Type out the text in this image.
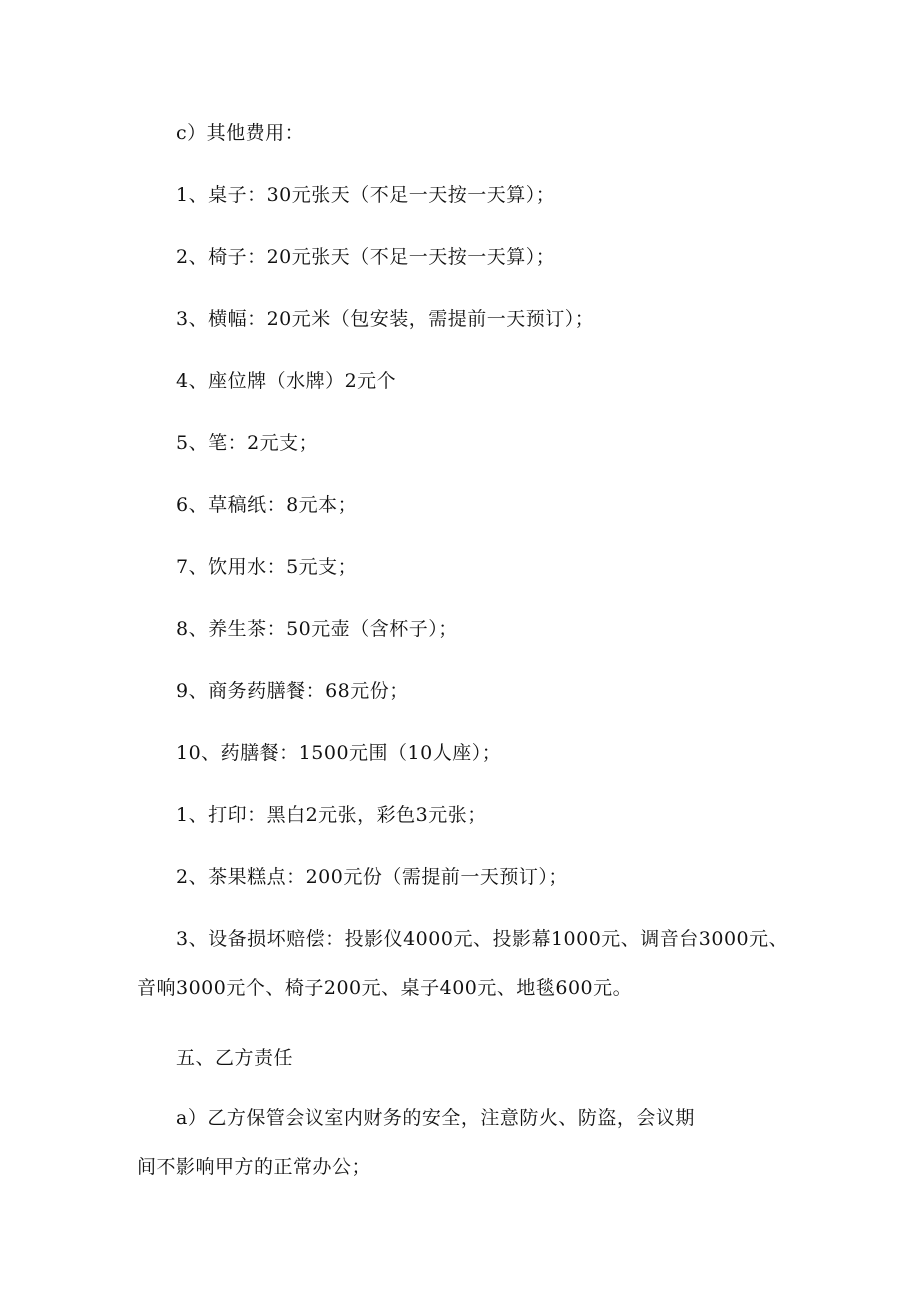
c）其他费用：
1、桌子：30元张天（不足一天按一天算）；
2、椅子：20元张天（不足一天按一天算）；
3、横幅：20元米（包安装，需提前一天预订）；
4、座位牌（水牌）2元个
5、笔：2元支；
6、草稿纸：8元本；
7、饮用水：5元支；
8、养生茶：50元壶（含杯子）；
9、商务药膳餐：68元份；
10、药膳餐：1500元围（10人座）；
1、打印：黑白2元张，彩色3元张；
2、茶果糕点：200元份（需提前一天预订）；
3、设备损坏赔偿：投影仪4000元、投影幕1000元、调音台3000元、
音响3000元个、椅子200元、桌子400元、地毯600元。
五、乙方责任
a）乙方保管会议室内财务的安全，注意防火、防盗，会议期
间不影响甲方的正常办公；
